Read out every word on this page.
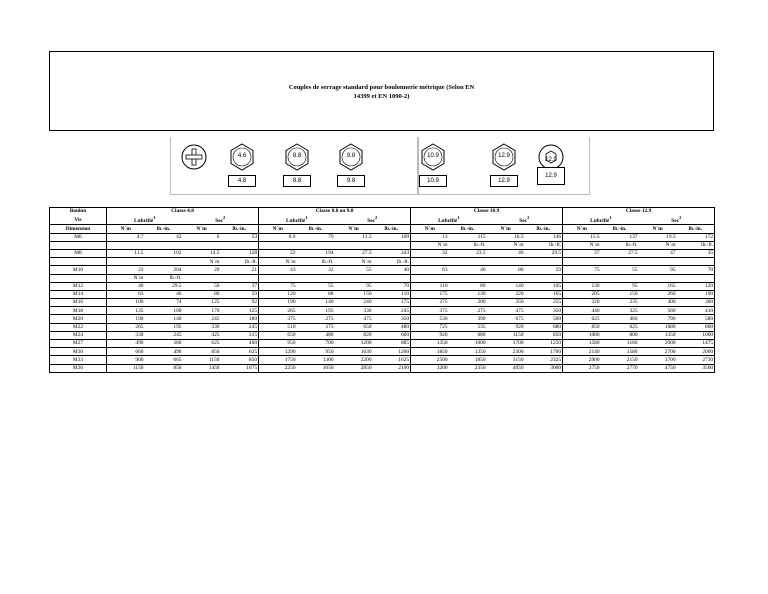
Couples de serrage standard pour boulonnerie métrique (Selon EN
14399 et EN 1090-2)
4.6	8.8	9.8	10.9	12.9
12.9
4.8	8.8	9.8	10.9	12.9
12.9
Boulon	Classe 4.8				Classe 8.8 ou 9.8				Classe 10.9				Classe 12.9			
Vis	Lubrifié$^1$		Sec$^2$		Lubrifié$^1$		Sec$^2$		Lubrifié$^1$		Sec$^2$		Lubrifié$^1$		Sec$^2$
Dimension	N˙m	lb.-in.	N˙m	lb.-in.	N˙m	lb.-in.	N˙m	lb.-in.	N˙m	lb.-in.	N˙m	lb.-in.	N˙m	lb.-in.	N˙m	lb.-in.
M6	4.7	42	6	53	8.9	79	11.3	100	13	115	16.5	146	15.5	137	19.5	172
									N˙m	lb.-ft.	N˙m	lb.-ft.	N˙m	lb.-ft.	N˙m	lb.-ft.
M8	11.5	102	14.5	128	22	194	27.5	243	32	23.5	40	29.5	37	27.5	47	35
			N˙m	lb.-ft.	N˙m	lb.-ft.	N˙m	lb.-ft.								
M10	23	204	29	21	43	32	55	40	63	46	80	59	75	55	95	70
	N˙m	lb.-ft.														
M12	40	29.5	50	37	75	55	95	70	110	80	140	105	130	95	165	120
M14	63	46	80	59	120	88	150	110	175	130	220	165	205	150	260	190
M16	100	74	125	92	190	140	240	175	275	200	350	255	320	235	400	300
M18	135	100	170	125	265	195	330	245	375	275	475	350	440	325	560	410
M20	190	140	245	180	375	275	475	350	530	390	675	500	625	460	790	580
M22	265	195	330	245	510	375	650	480	725	535	920	680	850	625	1080	800
M24	330	245	425	315	650	480	820	600	920	680	1150	850	1080	800	1350	1000
M27	490	360	625	460	950	700	1200	885	1350	1000	1700	1250	1580	1160	2000	1475
M30	660	490	850	625	1290	950	1630	1200	1850	1350	2300	1700	2140	1580	2700	2000
M33	900	665	1150	850	1750	1300	2200	1625	2500	1850	3150	2325	2900	2150	3700	2730
M36	1150	850	1450	1075	2250	1650	2850	2100	3200	2350	4050	3000	3750	2770	4750	3500
